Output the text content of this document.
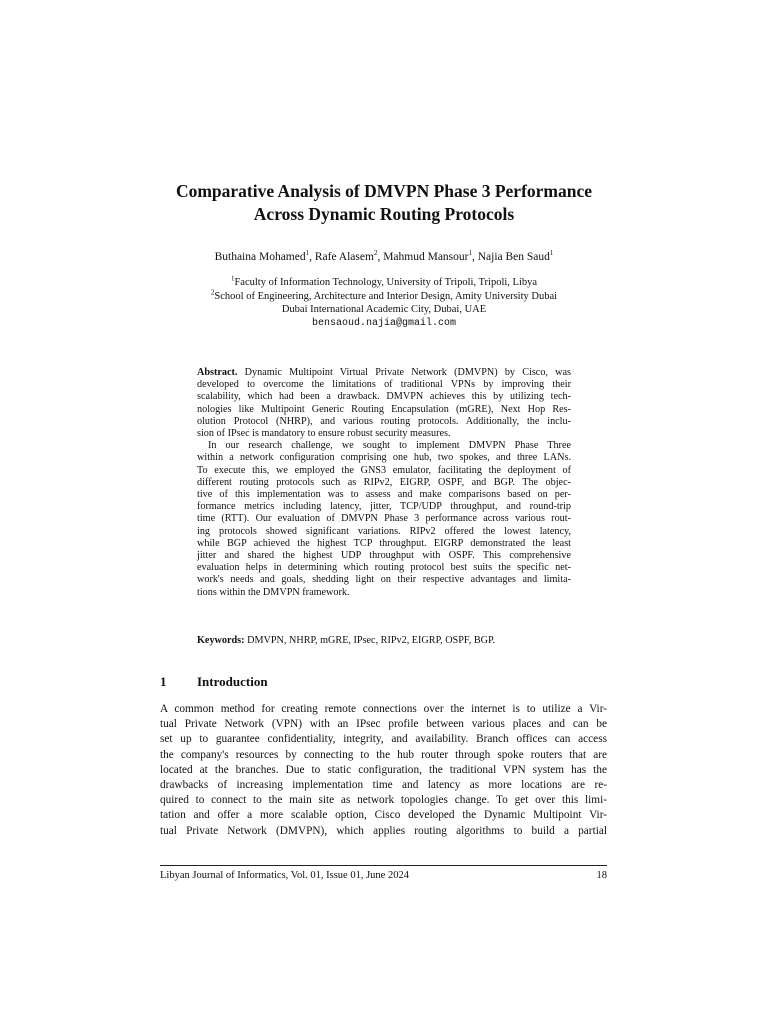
Comparative Analysis of DMVPN Phase 3 Performance
Across Dynamic Routing Protocols
Buthaina Mohamed$^1$, Rafe Alasem$^2$, Mahmud Mansour$^1$, Najia Ben Saud$^1$
$^1$Faculty of Information Technology, University of Tripoli, Tripoli, Libya
$^2$School of Engineering, Architecture and Interior Design, Amity University Dubai
Dubai International Academic City, Dubai, UAE
bensaoud.najia@gmail.com
Abstract. Dynamic Multipoint Virtual Private Network (DMVPN) by Cisco, was
developed to overcome the limitations of traditional VPNs by improving their
scalability, which had been a drawback. DMVPN achieves this by utilizing tech-
nologies like Multipoint Generic Routing Encapsulation (mGRE), Next Hop Res-
olution Protocol (NHRP), and various routing protocols. Additionally, the inclu-
sion of IPsec is mandatory to ensure robust security measures.
In our research challenge, we sought to implement DMVPN Phase Three
within a network configuration comprising one hub, two spokes, and three LANs.
To execute this, we employed the GNS3 emulator, facilitating the deployment of
different routing protocols such as RIPv2, EIGRP, OSPF, and BGP. The objec-
tive of this implementation was to assess and make comparisons based on per-
formance metrics including latency, jitter, TCP/UDP throughput, and round-trip
time (RTT). Our evaluation of DMVPN Phase 3 performance across various rout-
ing protocols showed significant variations. RIPv2 offered the lowest latency,
while BGP achieved the highest TCP throughput. EIGRP demonstrated the least
jitter and shared the highest UDP throughput with OSPF. This comprehensive
evaluation helps in determining which routing protocol best suits the specific net-
work's needs and goals, shedding light on their respective advantages and limita-
tions within the DMVPN framework.
Keywords: DMVPN, NHRP, mGRE, IPsec, RIPv2, EIGRP, OSPF, BGP.
1 Introduction
A common method for creating remote connections over the internet is to utilize a Vir-
tual Private Network (VPN) with an IPsec profile between various places and can be
set up to guarantee confidentiality, integrity, and availability. Branch offices can access
the company's resources by connecting to the hub router through spoke routers that are
located at the branches. Due to static configuration, the traditional VPN system has the
drawbacks of increasing implementation time and latency as more locations are re-
quired to connect to the main site as network topologies change. To get over this limi-
tation and offer a more scalable option, Cisco developed the Dynamic Multipoint Vir-
tual Private Network (DMVPN), which applies routing algorithms to build a partial
Libyan Journal of Informatics, Vol. 01, Issue 01, June 2024	18
